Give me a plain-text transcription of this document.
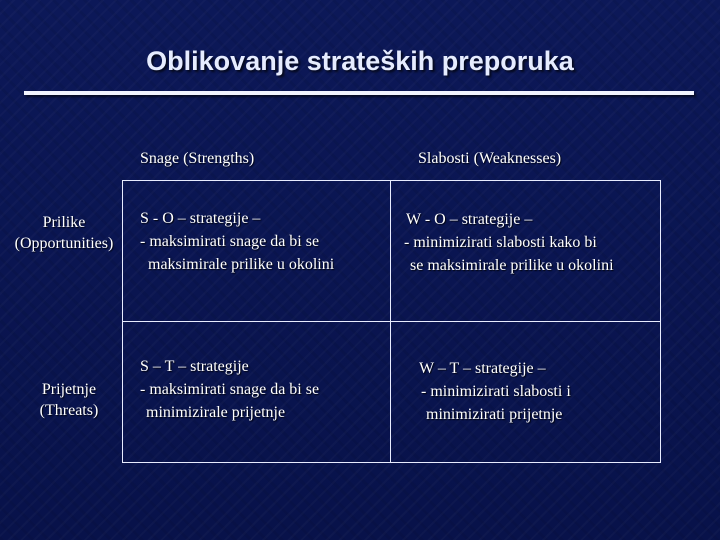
Oblikovanje strateških preporuka
Snage (Strengths)	Slabosti (Weaknesses)
Prilike
(Opportunities)
Prijetnje
(Threats)
S - O – strategije –
- maksimirati snage da bi se
maksimirale prilike u okolini
W - O – strategije –
- minimizirati slabosti kako bi
se maksimirale prilike u okolini
S – T – strategije
- maksimirati snage da bi se
minimizirale prijetnje
W – T – strategije –
- minimizirati slabosti i
minimizirati prijetnje
